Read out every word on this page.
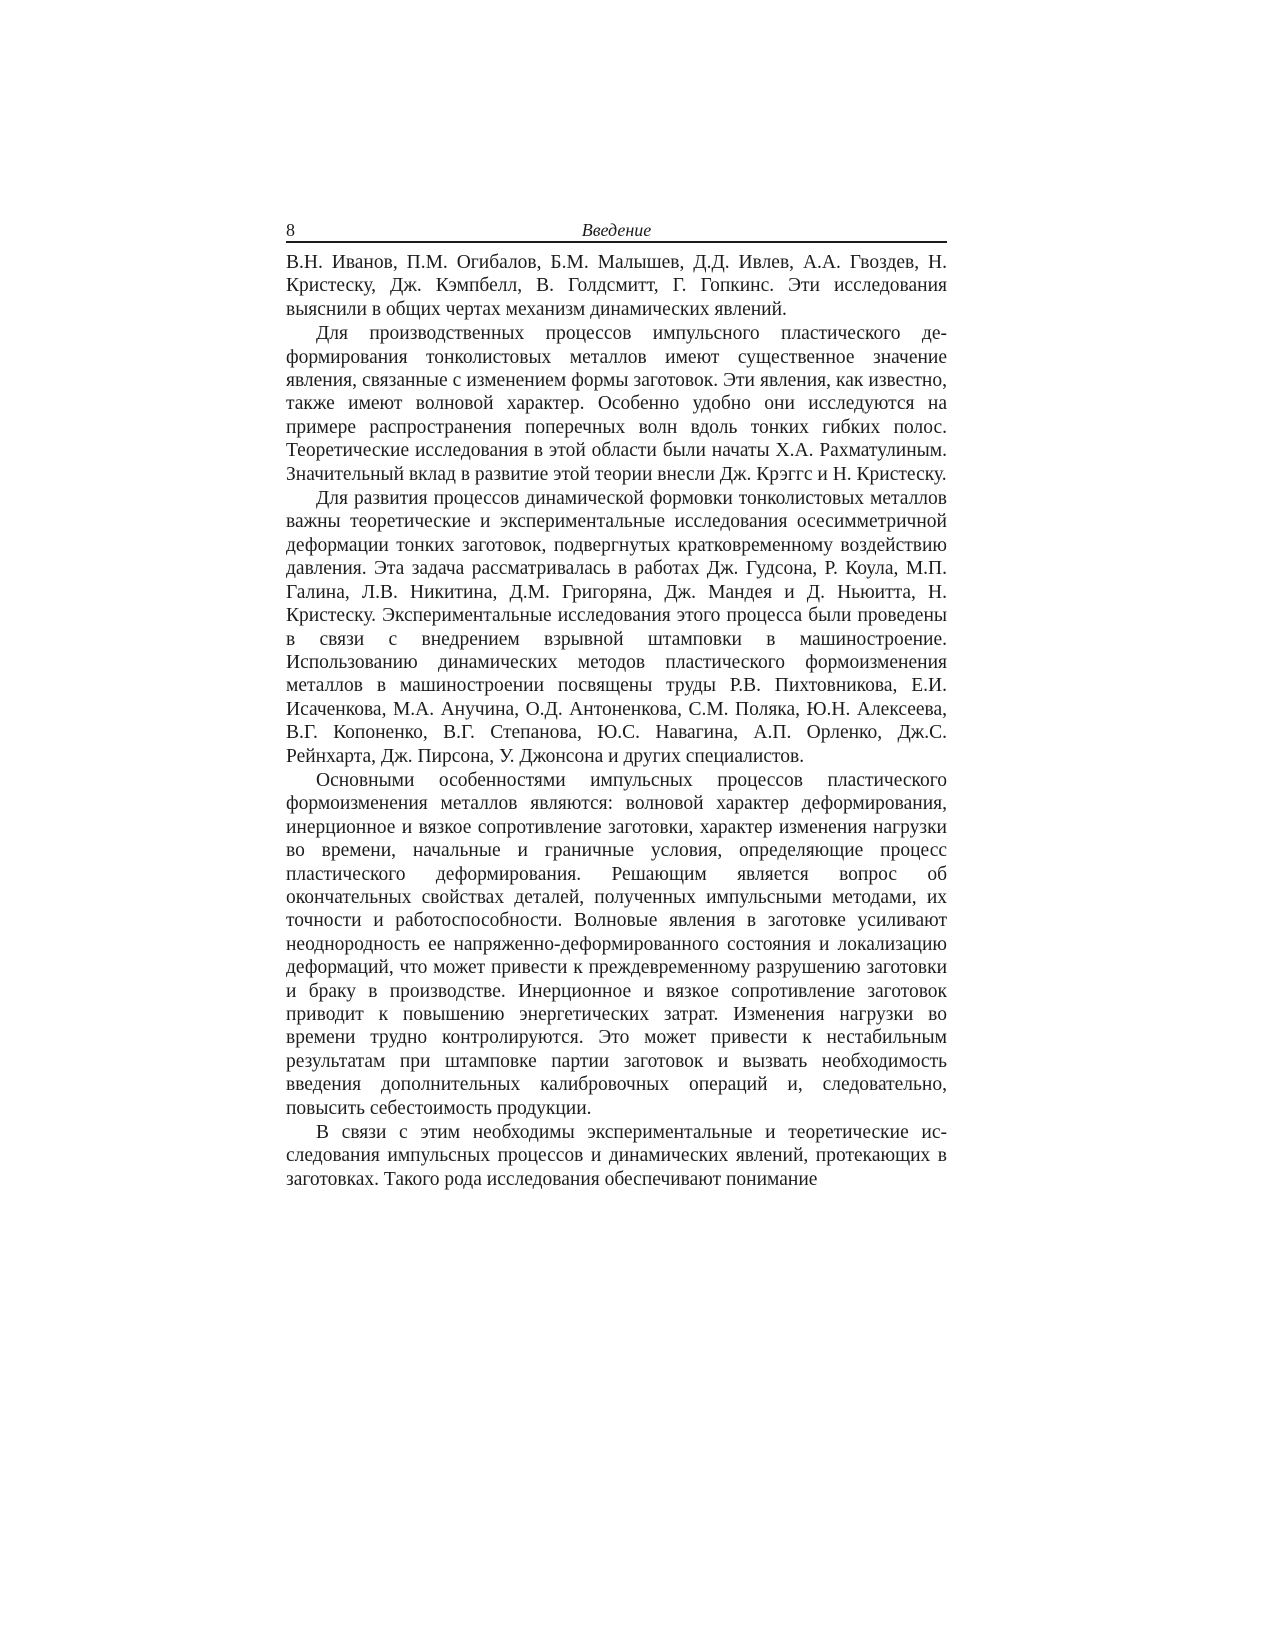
8	Введение

В.Н. Иванов, П.М. Огибалов, Б.М. Малышев, Д.Д. Ивлев, А.А. Гвоздев, Н. Кристеску, Дж. Кэмпбелл, В. Голдсмитт, Г. Гопкинс. Эти исследования выяснили в общих чертах механизм динамических явлений.

Для производственных процессов импульсного пластического деформирования тонколистовых металлов имеют существенное значение явления, связанные с изменением формы заготовок. Эти явления, как известно, также имеют волновой характер. Особенно удобно они исследуются на примере распространения поперечных волн вдоль тонких гибких полос. Теоретические исследования в этой области были начаты Х.А. Рахматулиным. Значительный вклад в развитие этой теории внесли Дж. Крэггс и Н. Кристеску.

Для развития процессов динамической формовки тонколистовых металлов важны теоретические и экспериментальные исследования осесимметричной деформации тонких заготовок, подвергнутых кратковременному воздействию давления. Эта задача рассматривалась в работах Дж. Гудсона, Р. Коула, М.П. Галина, Л.В. Никитина, Д.М. Григоряна, Дж. Мандея и Д. Ньюитта, Н. Кристеску. Экспериментальные исследования этого процесса были проведены в связи с внедрением взрывной штамповки в машиностроение. Использованию динамических методов пластического формоизменения металлов в машиностроении посвящены труды Р.В. Пихтовникова, Е.И. Исаченкова, М.А. Анучина, О.Д. Антоненкова, С.М. Поляка, Ю.Н. Алексеева, В.Г. Копоненко, В.Г. Степанова, Ю.С. Навагина, А.П. Орленко, Дж.С. Рейнхарта, Дж. Пирсона, У. Джонсона и других специалистов.

Основными особенностями импульсных процессов пластического формоизменения металлов являются: волновой характер деформирования, инерционное и вязкое сопротивление заготовки, характер изменения нагрузки во времени, начальные и граничные условия, определяющие процесс пластического деформирования. Решающим является вопрос об окончательных свойствах деталей, полученных импульсными методами, их точности и работоспособности. Волновые явления в заготовке усиливают неоднородность ее напряженно-деформированного состояния и локализацию деформаций, что может привести к преждевременному разрушению заготовки и браку в производстве. Инерционное и вязкое сопротивление заготовок приводит к повышению энергетических затрат. Изменения нагрузки во времени трудно контролируются. Это может привести к нестабильным результатам при штамповке партии заготовок и вызвать необходимость введения дополнительных калибровочных операций и, следовательно, повысить себестоимость продукции.

В связи с этим необходимы экспериментальные и теоретические исследования импульсных процессов и динамических явлений, протекающих в заготовках. Такого рода исследования обеспечивают понимание
